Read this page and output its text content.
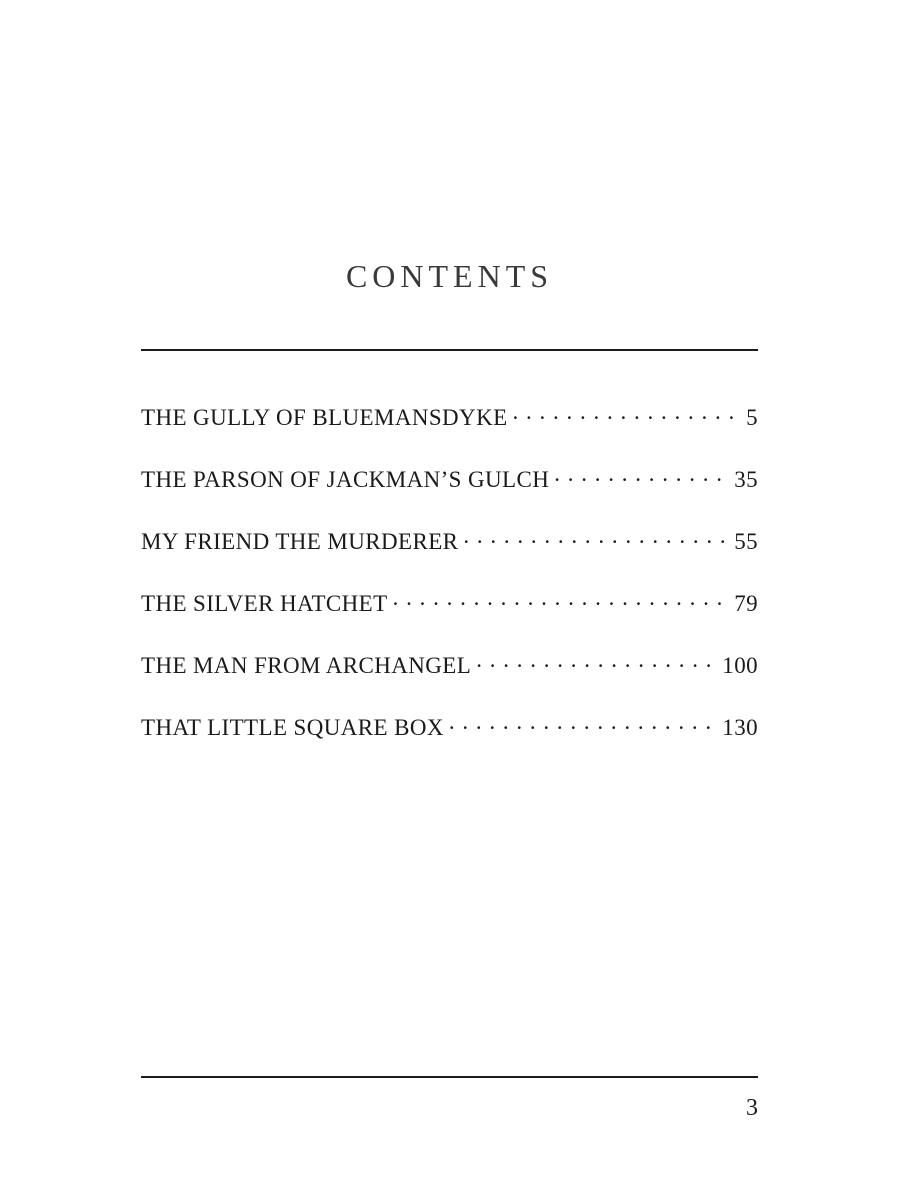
CONTENTS
THE GULLY OF BLUEMANSDYKE . . .	5
THE PARSON OF JACKMAN’S GULCH . . .	35
MY FRIEND THE MURDERER . . .	55
THE SILVER HATCHET . . .	79
THE MAN FROM ARCHANGEL . . .	100
THAT LITTLE SQUARE BOX . . .	130
3
